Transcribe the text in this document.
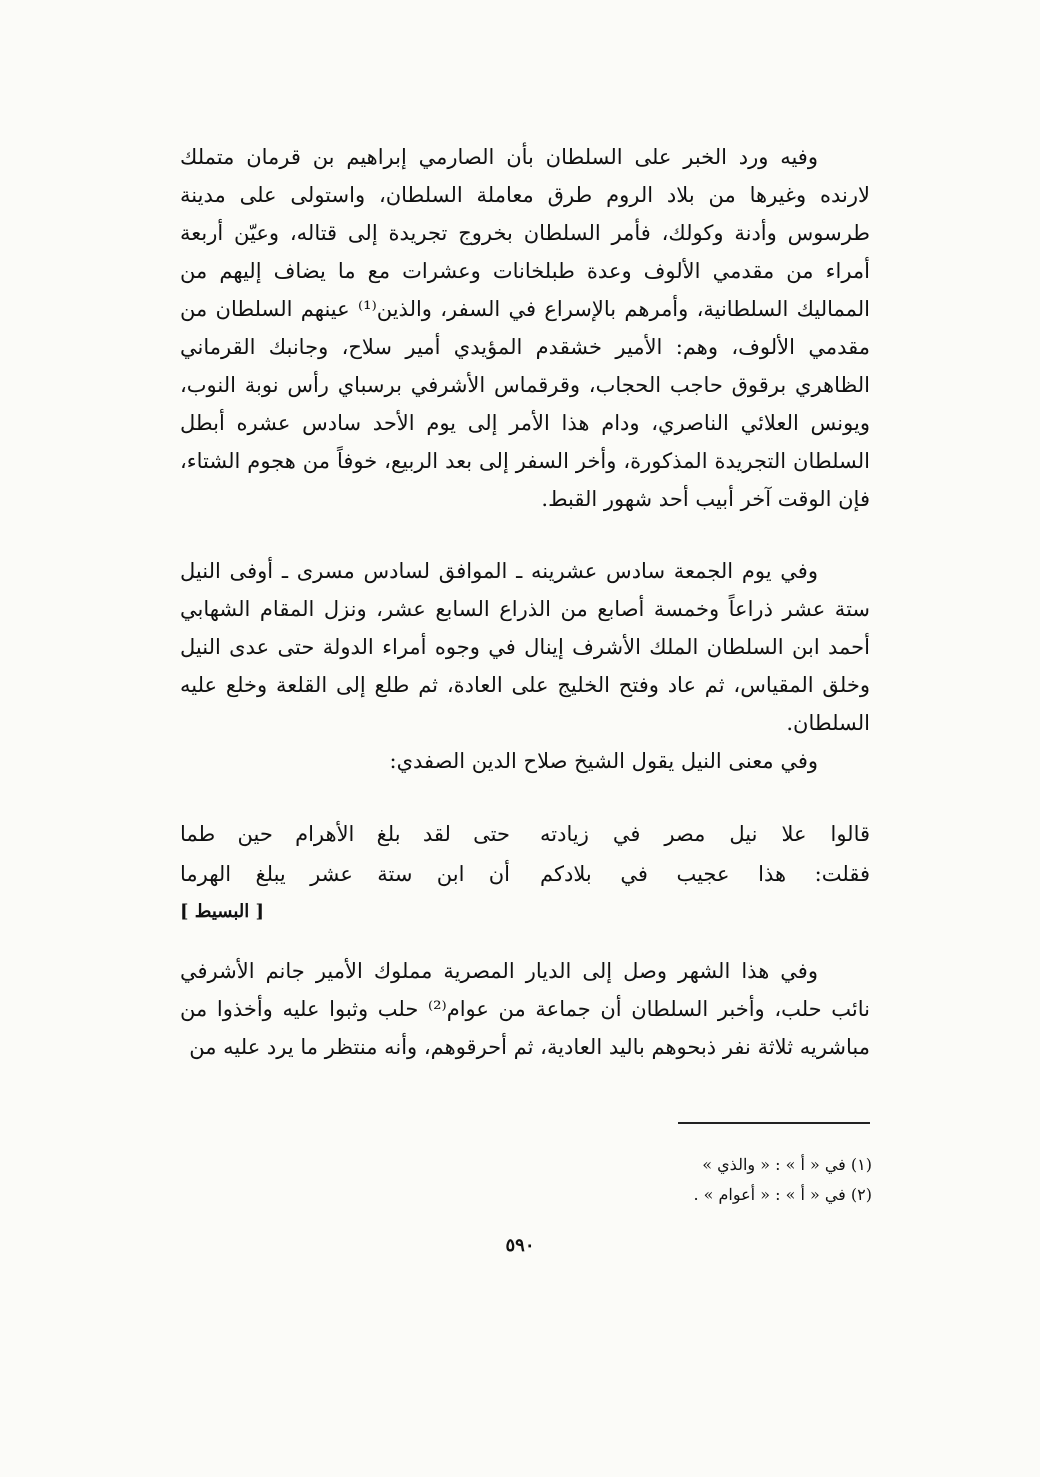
وفيه ورد الخبر على السلطان بأن الصارمي إبراهيم بن قرمان متملك لارنده وغيرها من بلاد الروم طرق معاملة السلطان، واستولى على مدينة طرسوس وأدنة وكولك، فأمر السلطان بخروج تجريدة إلى قتاله، وعيّن أربعة أمراء من مقدمي الألوف وعدة طبلخانات وعشرات مع ما يضاف إليهم من المماليك السلطانية، وأمرهم بالإسراع في السفر، والذين⁽¹⁾ عينهم السلطان من مقدمي الألوف، وهم: الأمير خشقدم المؤيدي أمير سلاح، وجانبك القرماني الظاهري برقوق حاجب الحجاب، وقرقماس الأشرفي برسباي رأس نوبة النوب، ويونس العلائي الناصري، ودام هذا الأمر إلى يوم الأحد سادس عشره أبطل السلطان التجريدة المذكورة، وأخر السفر إلى بعد الربيع، خوفاً من هجوم الشتاء، فإن الوقت آخر أبيب أحد شهور القبط.

وفي يوم الجمعة سادس عشرينه ـ الموافق لسادس مسرى ـ أوفى النيل ستة عشر ذراعاً وخمسة أصابع من الذراع السابع عشر، ونزل المقام الشهابي أحمد ابن السلطان الملك الأشرف إينال في وجوه أمراء الدولة حتى عدى النيل وخلق المقياس، ثم عاد وفتح الخليج على العادة، ثم طلع إلى القلعة وخلع عليه السلطان.

وفي معنى النيل يقول الشيخ صلاح الدين الصفدي:

قالوا علا نيل مصر في زيادته
حتى لقد بلغ الأهرام حين طما
فقلت: هذا عجيب في بلادكم
أن ابن ستة عشر يبلغ الهرما
[ البسيط ]

وفي هذا الشهر وصل إلى الديار المصرية مملوك الأمير جانم الأشرفي نائب حلب، وأخبر السلطان أن جماعة من عوام⁽²⁾ حلب وثبوا عليه وأخذوا من مباشريه ثلاثة نفر ذبحوهم باليد العادية، ثم أحرقوهم، وأنه منتظر ما يرد عليه من

(١) في « أ » : « والذي »
(٢) في « أ » : « أعوام » .
٥٩٠
